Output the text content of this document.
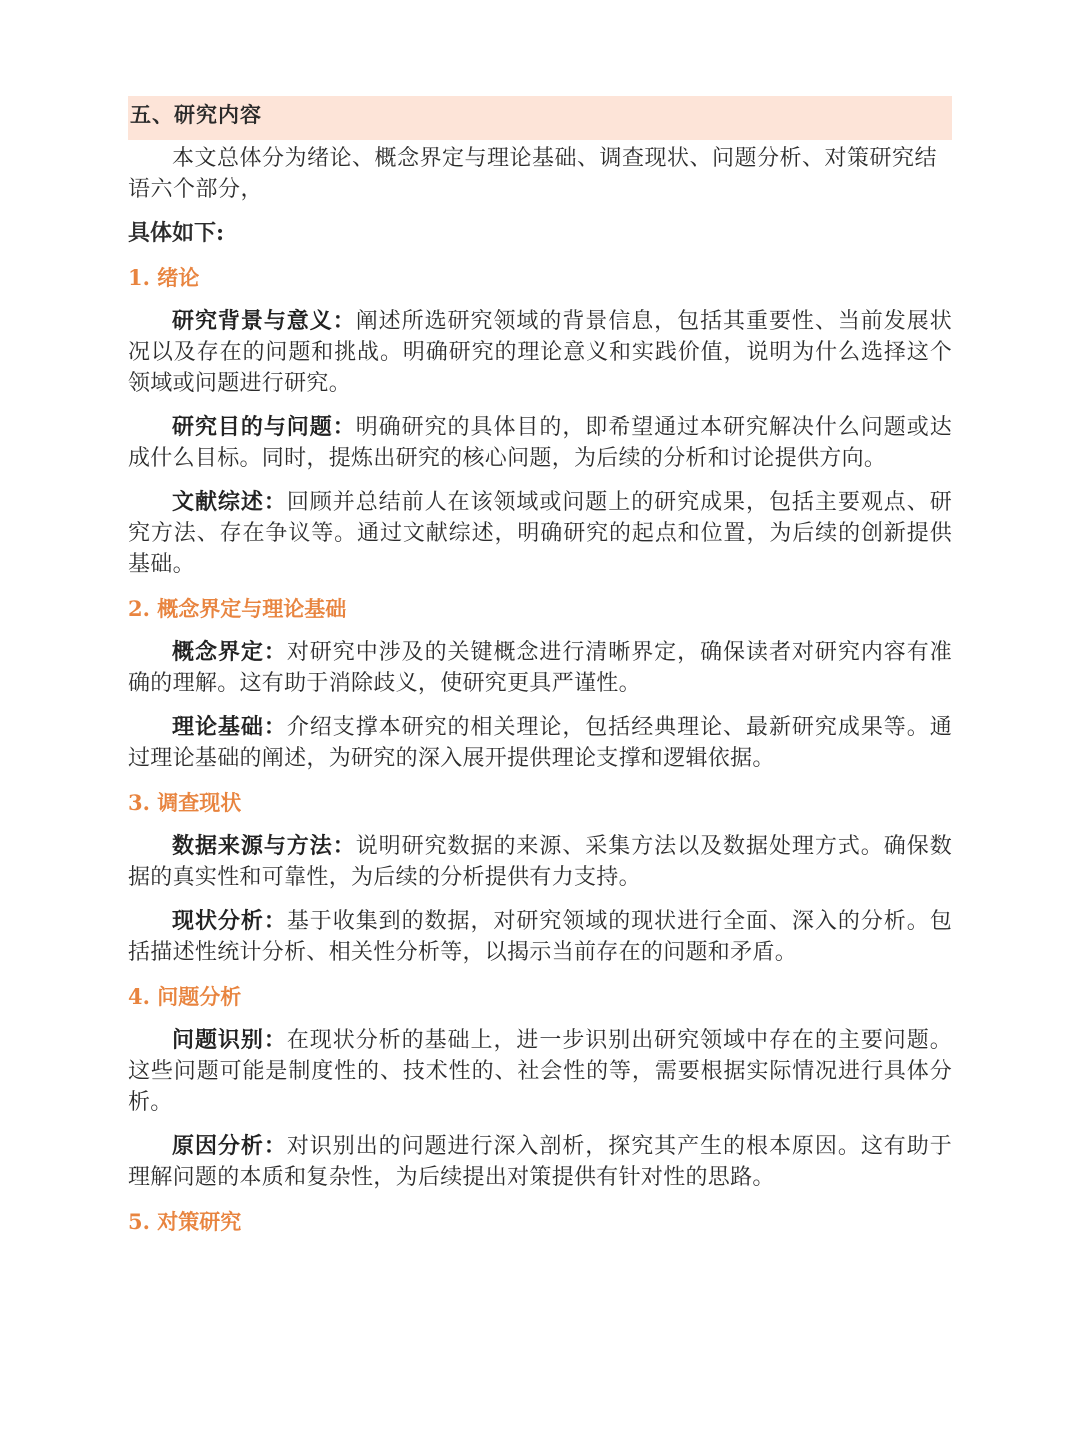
五、研究内容

本文总体分为绪论、概念界定与理论基础、调查现状、问题分析、对策研究结语六个部分，

具体如下:

1. 绪论

研究背景与意义：阐述所选研究领域的背景信息，包括其重要性、当前发展状况以及存在的问题和挑战。明确研究的理论意义和实践价值，说明为什么选择这个领域或问题进行研究。

研究目的与问题：明确研究的具体目的，即希望通过本研究解决什么问题或达成什么目标。同时，提炼出研究的核心问题，为后续的分析和讨论提供方向。

文献综述：回顾并总结前人在该领域或问题上的研究成果，包括主要观点、研究方法、存在争议等。通过文献综述，明确研究的起点和位置，为后续的创新提供基础。

2. 概念界定与理论基础

概念界定：对研究中涉及的关键概念进行清晰界定，确保读者对研究内容有准确的理解。这有助于消除歧义，使研究更具严谨性。

理论基础：介绍支撑本研究的相关理论，包括经典理论、最新研究成果等。通过理论基础的阐述，为研究的深入展开提供理论支撑和逻辑依据。

3. 调查现状

数据来源与方法：说明研究数据的来源、采集方法以及数据处理方式。确保数据的真实性和可靠性，为后续的分析提供有力支持。

现状分析：基于收集到的数据，对研究领域的现状进行全面、深入的分析。包括描述性统计分析、相关性分析等，以揭示当前存在的问题和矛盾。

4. 问题分析

问题识别：在现状分析的基础上，进一步识别出研究领域中存在的主要问题。这些问题可能是制度性的、技术性的、社会性的等，需要根据实际情况进行具体分析。

原因分析：对识别出的问题进行深入剖析，探究其产生的根本原因。这有助于理解问题的本质和复杂性，为后续提出对策提供有针对性的思路。

5. 对策研究
